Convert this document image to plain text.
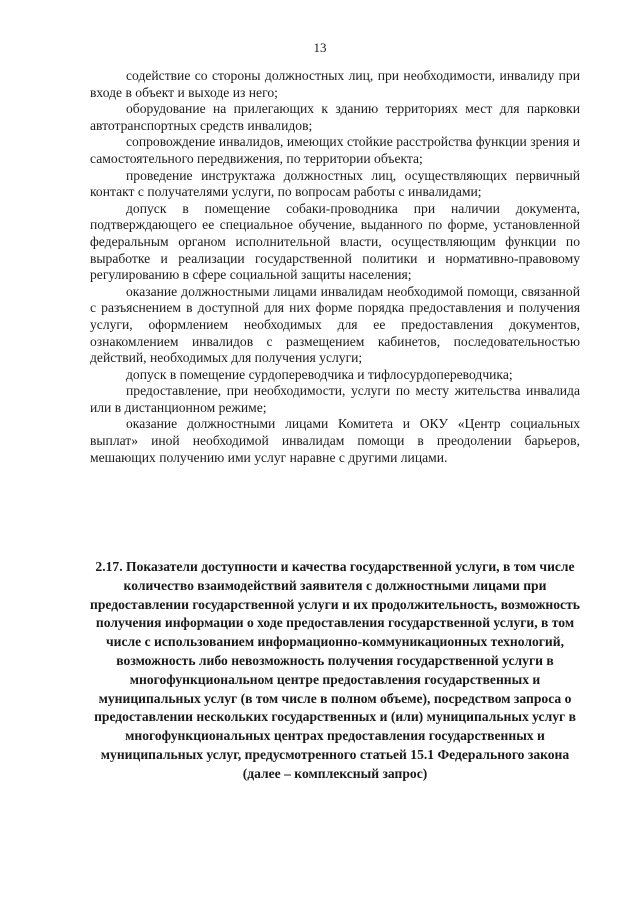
13

содействие со стороны должностных лиц, при необходимости, инвалиду при входе в объект и выходе из него;

оборудование на прилегающих к зданию территориях мест для парковки автотранспортных средств инвалидов;

сопровождение инвалидов, имеющих стойкие расстройства функции зрения и самостоятельного передвижения, по территории объекта;

проведение инструктажа должностных лиц, осуществляющих первичный контакт с получателями услуги, по вопросам работы с инвалидами;

допуск в помещение собаки-проводника при наличии документа, подтверждающего ее специальное обучение, выданного по форме, установленной федеральным органом исполнительной власти, осуществляющим функции по выработке и реализации государственной политики и нормативно-правовому регулированию в сфере социальной защиты населения;

оказание должностными лицами инвалидам необходимой помощи, связанной с разъяснением в доступной для них форме порядка предоставления и получения услуги, оформлением необходимых для ее предоставления документов, ознакомлением инвалидов с размещением кабинетов, последовательностью действий, необходимых для получения услуги;

допуск в помещение сурдопереводчика и тифлосурдопереводчика;

предоставление, при необходимости, услуги по месту жительства инвалида или в дистанционном режиме;

оказание должностными лицами Комитета и ОКУ «Центр социальных выплат» иной необходимой инвалидам помощи в преодолении барьеров, мешающих получению ими услуг наравне с другими лицами.

2.17. Показатели доступности и качества государственной услуги, в том числе количество взаимодействий заявителя с должностными лицами при предоставлении государственной услуги и их продолжительность, возможность получения информации о ходе предоставления государственной услуги, в том числе с использованием информационно-коммуникационных технологий, возможность либо невозможность получения государственной услуги в многофункциональном центре предоставления государственных и муниципальных услуг (в том числе в полном объеме), посредством запроса о предоставлении нескольких государственных и (или) муниципальных услуг в многофункциональных центрах предоставления государственных и муниципальных услуг, предусмотренного статьей 15.1 Федерального закона (далее – комплексный запрос)
